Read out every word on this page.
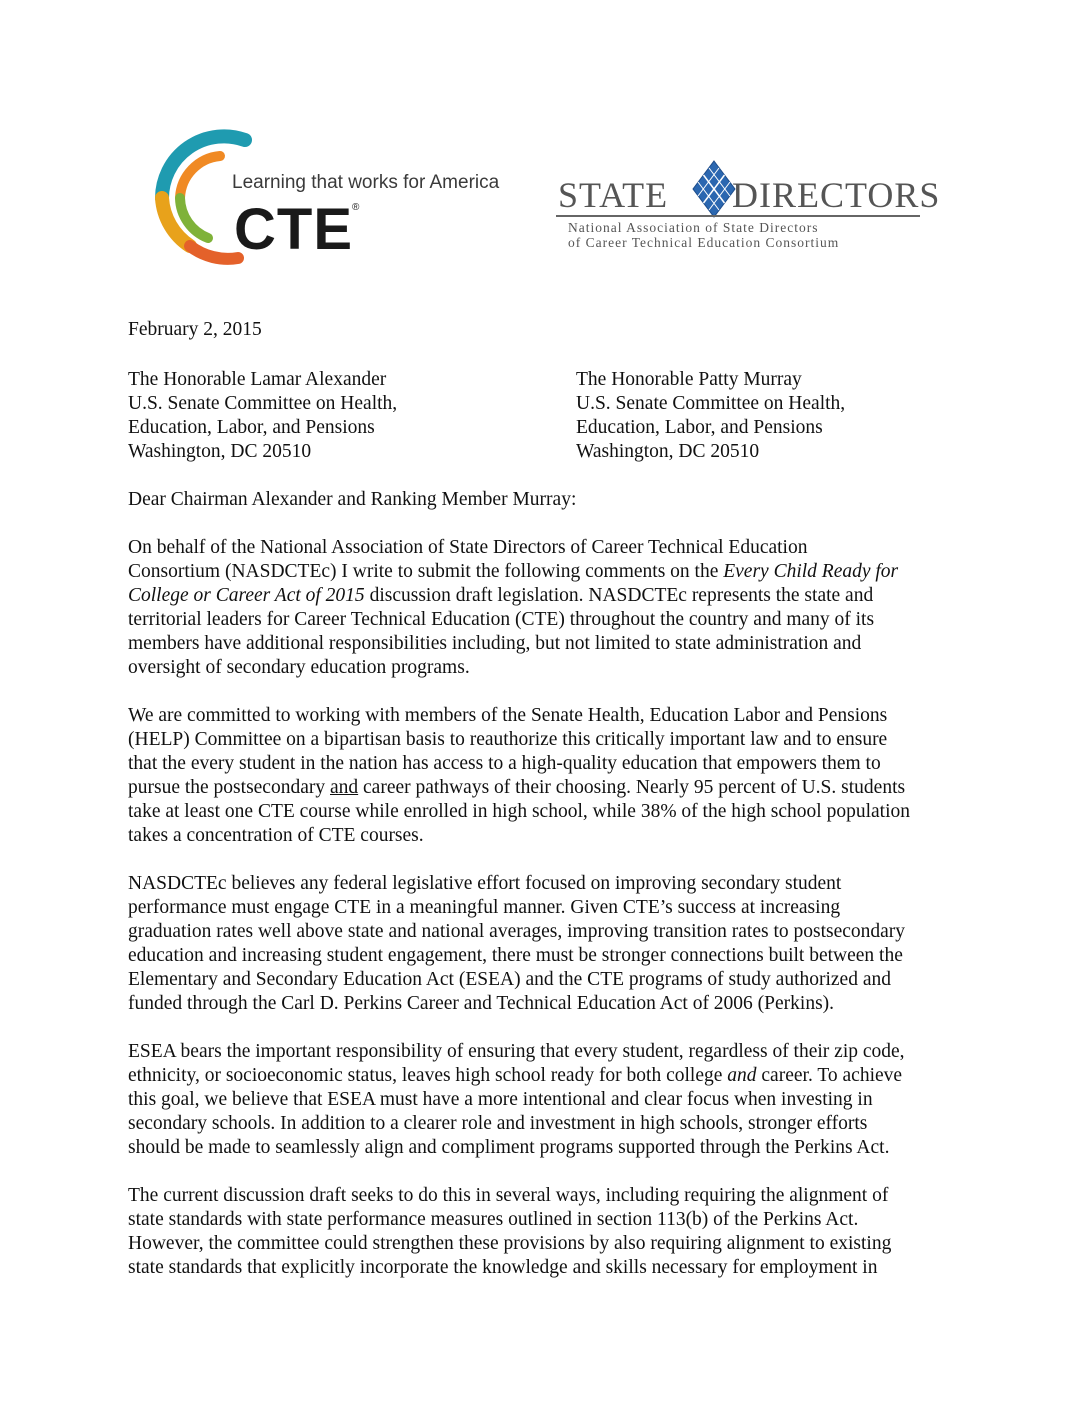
Learning that works for America
CTE ®	STATE DIRECTORS
National Association of State Directors
of Career Technical Education Consortium
February 2, 2015
The Honorable Lamar Alexander
U.S. Senate Committee on Health,
Education, Labor, and Pensions
Washington, DC 20510
The Honorable Patty Murray
U.S. Senate Committee on Health,
Education, Labor, and Pensions
Washington, DC 20510
Dear Chairman Alexander and Ranking Member Murray:
On behalf of the National Association of State Directors of Career Technical Education
Consortium (NASDCTEc) I write to submit the following comments on the Every Child Ready for
College or Career Act of 2015 discussion draft legislation. NASDCTEc represents the state and
territorial leaders for Career Technical Education (CTE) throughout the country and many of its
members have additional responsibilities including, but not limited to state administration and
oversight of secondary education programs.
We are committed to working with members of the Senate Health, Education Labor and Pensions
(HELP) Committee on a bipartisan basis to reauthorize this critically important law and to ensure
that the every student in the nation has access to a high-quality education that empowers them to
pursue the postsecondary and career pathways of their choosing. Nearly 95 percent of U.S. students
take at least one CTE course while enrolled in high school, while 38% of the high school population
takes a concentration of CTE courses.
NASDCTEc believes any federal legislative effort focused on improving secondary student
performance must engage CTE in a meaningful manner. Given CTE’s success at increasing
graduation rates well above state and national averages, improving transition rates to postsecondary
education and increasing student engagement, there must be stronger connections built between the
Elementary and Secondary Education Act (ESEA) and the CTE programs of study authorized and
funded through the Carl D. Perkins Career and Technical Education Act of 2006 (Perkins).
ESEA bears the important responsibility of ensuring that every student, regardless of their zip code,
ethnicity, or socioeconomic status, leaves high school ready for both college and career. To achieve
this goal, we believe that ESEA must have a more intentional and clear focus when investing in
secondary schools. In addition to a clearer role and investment in high schools, stronger efforts
should be made to seamlessly align and compliment programs supported through the Perkins Act.
The current discussion draft seeks to do this in several ways, including requiring the alignment of
state standards with state performance measures outlined in section 113(b) of the Perkins Act.
However, the committee could strengthen these provisions by also requiring alignment to existing
state standards that explicitly incorporate the knowledge and skills necessary for employment in
